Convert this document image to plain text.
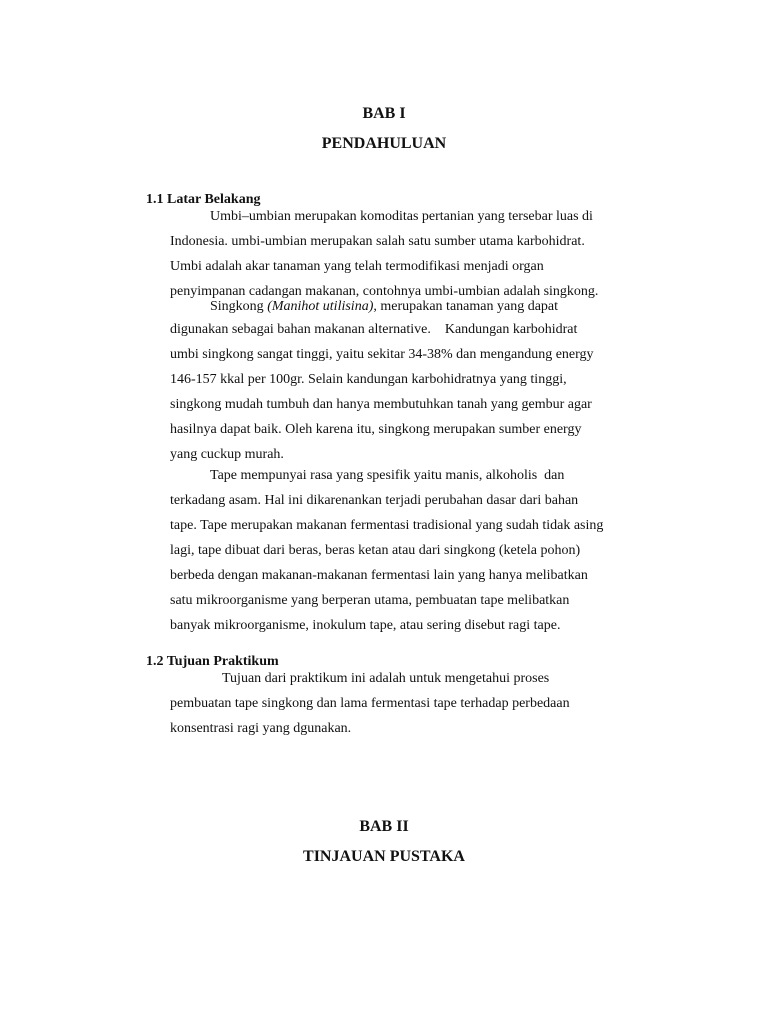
BAB I
PENDAHULUAN
1.1 Latar Belakang
Umbi–umbian merupakan komoditas pertanian yang tersebar luas di
Indonesia. umbi-umbian merupakan salah satu sumber utama karbohidrat.
Umbi adalah akar tanaman yang telah termodifikasi menjadi organ
penyimpanan cadangan makanan, contohnya umbi-umbian adalah singkong.
Singkong (Manihot utilisina), merupakan tanaman yang dapat
digunakan sebagai bahan makanan alternative.    Kandungan karbohidrat
umbi singkong sangat tinggi, yaitu sekitar 34-38% dan mengandung energy
146-157 kkal per 100gr. Selain kandungan karbohidratnya yang tinggi,
singkong mudah tumbuh dan hanya membutuhkan tanah yang gembur agar
hasilnya dapat baik. Oleh karena itu, singkong merupakan sumber energy
yang cuckup murah.
Tape mempunyai rasa yang spesifik yaitu manis, alkoholis  dan
terkadang asam. Hal ini dikarenankan terjadi perubahan dasar dari bahan
tape. Tape merupakan makanan fermentasi tradisional yang sudah tidak asing
lagi, tape dibuat dari beras, beras ketan atau dari singkong (ketela pohon)
berbeda dengan makanan-makanan fermentasi lain yang hanya melibatkan
satu mikroorganisme yang berperan utama, pembuatan tape melibatkan
banyak mikroorganisme, inokulum tape, atau sering disebut ragi tape.
1.2 Tujuan Praktikum
Tujuan dari praktikum ini adalah untuk mengetahui proses
pembuatan tape singkong dan lama fermentasi tape terhadap perbedaan
konsentrasi ragi yang dgunakan.
BAB II
TINJAUAN PUSTAKA
